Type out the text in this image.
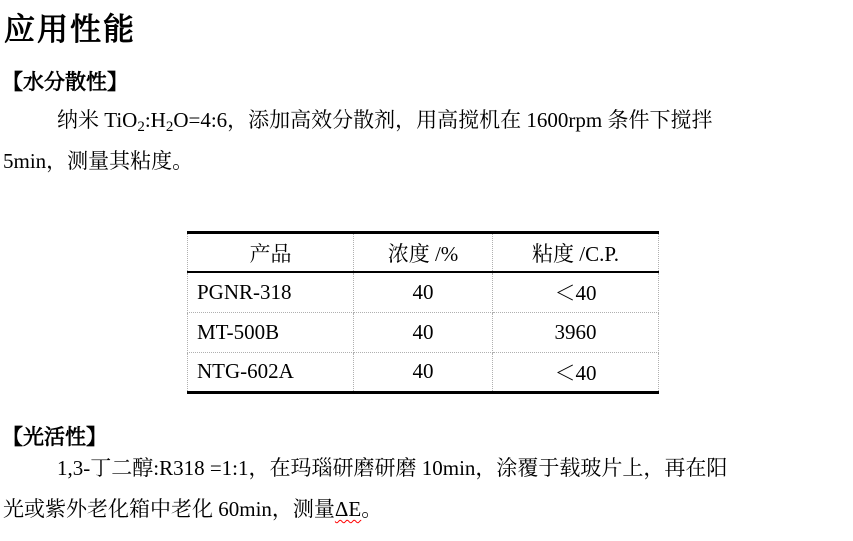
应用性能
【水分散性】
纳米 $TiO_2:H_2O=4:6$，添加高效分散剂，用高搅机在 1600rpm 条件下搅拌
5min，测量其粘度。
产品	浓度 /%	粘度 /C.P.
PGNR-318	40	＜40
MT-500B	40	3960
NTG-602A	40	＜40
【光活性】
1,3-丁二醇:R318 =1:1，在玛瑙研磨研磨 10min，涂覆于载玻片上，再在阳
光或紫外老化箱中老化 60min，测量ΔE。
